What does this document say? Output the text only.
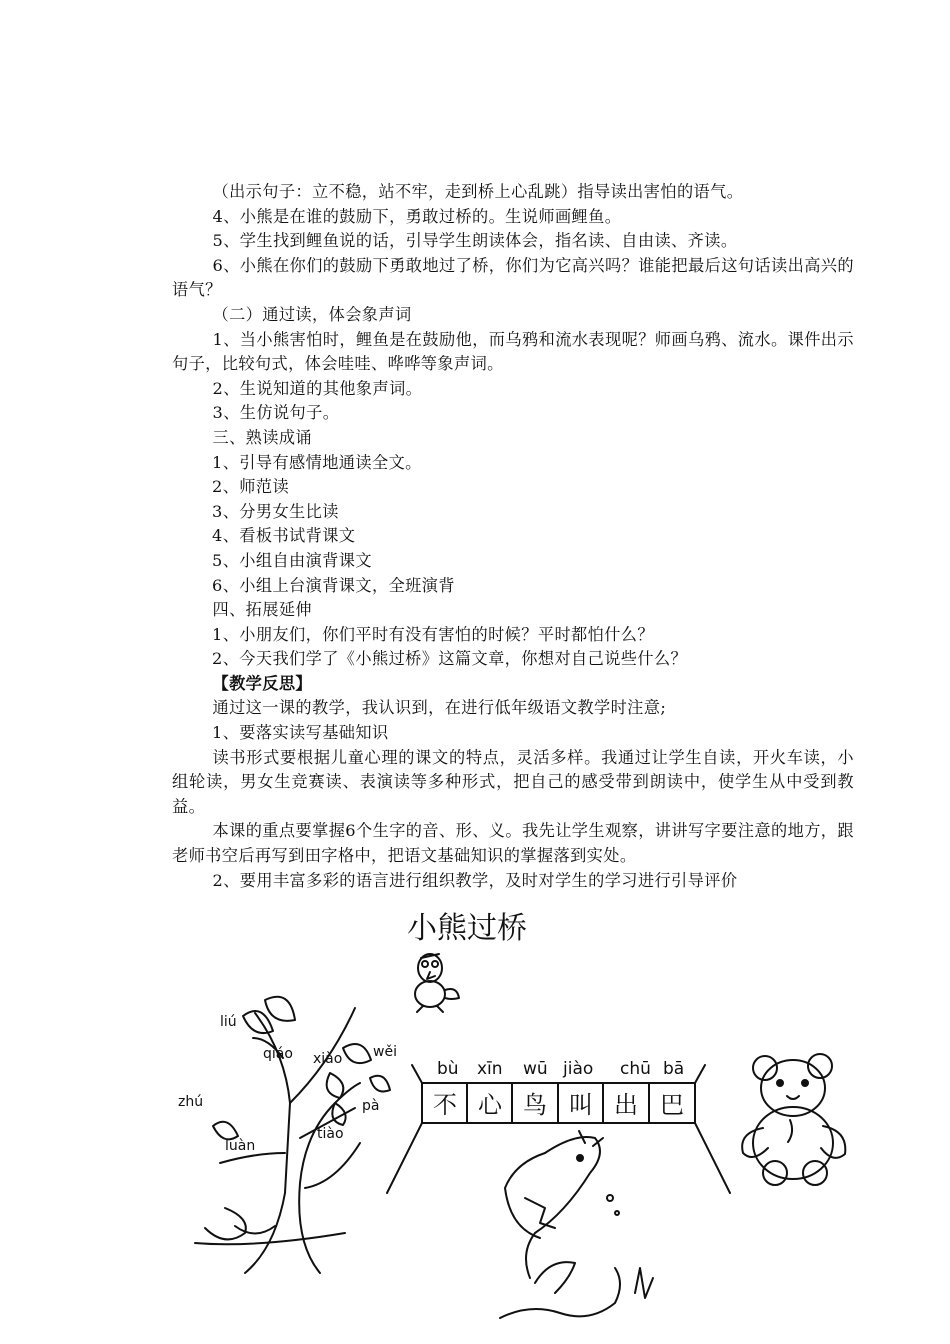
（出示句子：立不稳，站不牢，走到桥上心乱跳）指导读出害怕的语气。

4、小熊是在谁的鼓励下，勇敢过桥的。生说师画鲤鱼。

5、学生找到鲤鱼说的话，引导学生朗读体会，指名读、自由读、齐读。

6、小熊在你们的鼓励下勇敢地过了桥，你们为它高兴吗？谁能把最后这句话读出高兴的语气？

（二）通过读，体会象声词

1、当小熊害怕时，鲤鱼是在鼓励他，而乌鸦和流水表现呢？师画乌鸦、流水。课件出示句子，比较句式，体会哇哇、哗哗等象声词。

2、生说知道的其他象声词。

3、生仿说句子。

三、熟读成诵

1、引导有感情地通读全文。

2、师范读

3、分男女生比读

4、看板书试背课文

5、小组自由演背课文

6、小组上台演背课文，全班演背

四、拓展延伸

1、小朋友们，你们平时有没有害怕的时候？平时都怕什么？

2、今天我们学了《小熊过桥》这篇文章，你想对自己说些什么？

【教学反思】

通过这一课的教学，我认识到，在进行低年级语文教学时注意;

1、要落实读写基础知识

读书形式要根据儿童心理的课文的特点，灵活多样。我通过让学生自读，开火车读，小组轮读，男女生竞赛读、表演读等多种形式，把自己的感受带到朗读中，使学生从中受到教益。

本课的重点要掌握6个生字的音、形、义。我先让学生观察，讲讲写字要注意的地方，跟老师书空后再写到田字格中，把语文基础知识的掌握落到实处。

2、要用丰富多彩的语言进行组织教学，及时对学生的学习进行引导评价

小熊过桥
liú
qiáo xiào wěi
zhú
luàn
pà
tiào
bù xīn wū jiào chū bā
不 心 鸟 叫 出 巴
